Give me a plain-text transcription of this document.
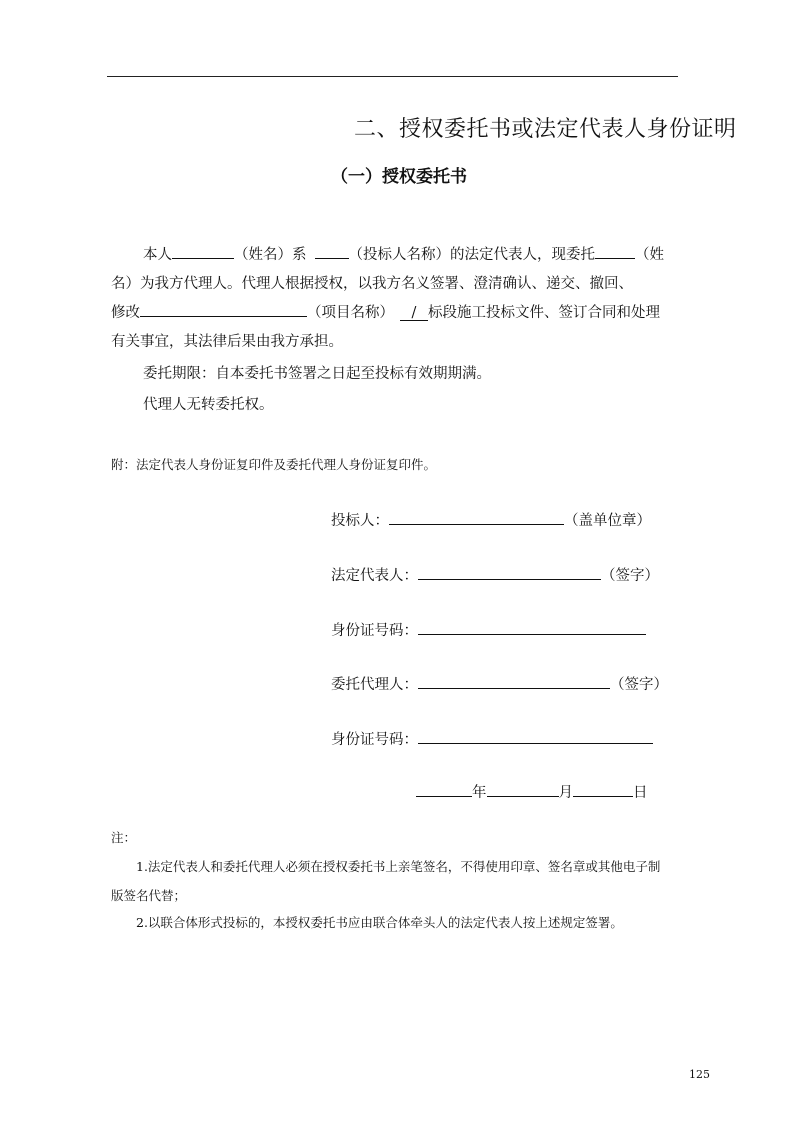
二、授权委托书或法定代表人身份证明
（一）授权委托书
本人	（姓名）系	（投标人名称）的法定代表人，现委托	（姓
名）为我方代理人。代理人根据授权，以我方名义签署、澄清确认、递交、撤回、
修改	（项目名称） / 标段施工投标文件、签订合同和处理
有关事宜，其法律后果由我方承担。
委托期限：自本委托书签署之日起至投标有效期期满。
代理人无转委托权。
附：法定代表人身份证复印件及委托代理人身份证复印件。
投标人：	（盖单位章）
法定代表人：	（签字）
身份证号码：
委托代理人：	（签字）
身份证号码：
年	月	日
注：
1.法定代表人和委托代理人必须在授权委托书上亲笔签名，不得使用印章、签名章或其他电子制
版签名代替；
2.以联合体形式投标的，本授权委托书应由联合体牵头人的法定代表人按上述规定签署。
125
